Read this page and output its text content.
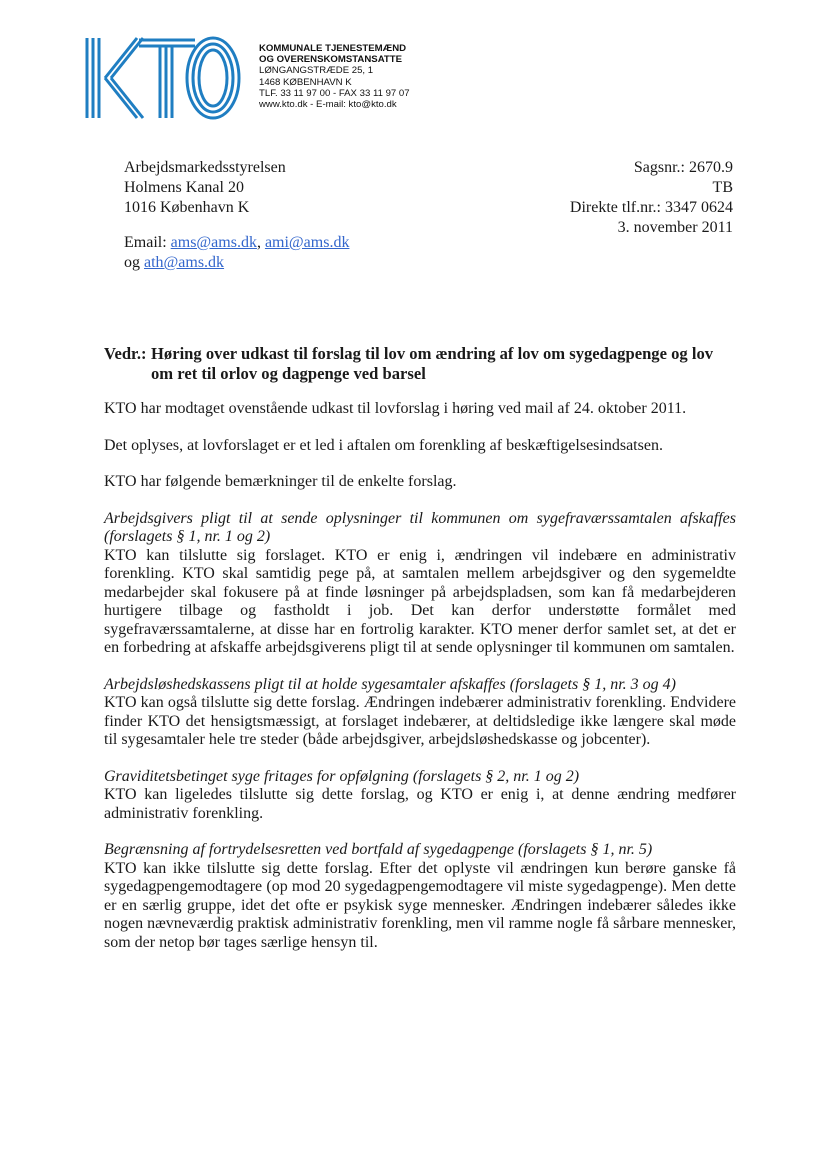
KOMMUNALE TJENESTEMÆND
OG OVERENSKOMSTANSATTE
LØNGANGSTRÆDE 25, 1
1468 KØBENHAVN K
TLF. 33 11 97 00 - FAX 33 11 97 07
www.kto.dk - E-mail: kto@kto.dk
Arbejdsmarkedsstyrelsen
Holmens Kanal 20
1016 København K
Sagsnr.: 2670.9
TB
Direkte tlf.nr.: 3347 0624
3. november 2011
Email: ams@ams.dk, ami@ams.dk
og ath@ams.dk
Vedr.: Høring over udkast til forslag til lov om ændring af lov om sygedagpenge og lov om ret til orlov og dagpenge ved barsel

KTO har modtaget ovenstående udkast til lovforslag i høring ved mail af 24. oktober 2011.

Det oplyses, at lovforslaget er et led i aftalen om forenkling af beskæftigelsesindsatsen.

KTO har følgende bemærkninger til de enkelte forslag.

Arbejdsgivers pligt til at sende oplysninger til kommunen om sygefraværssamtalen afskaffes (forslagets § 1, nr. 1 og 2)

KTO kan tilslutte sig forslaget. KTO er enig i, ændringen vil indebære en administrativ forenkling. KTO skal samtidig pege på, at samtalen mellem arbejdsgiver og den sygemeldte medarbejder skal fokusere på at finde løsninger på arbejdspladsen, som kan få medarbejderen hurtigere tilbage og fastholdt i job. Det kan derfor understøtte formålet med sygefraværssamtalerne, at disse har en fortrolig karakter. KTO mener derfor samlet set, at det er en forbedring at afskaffe arbejdsgiverens pligt til at sende oplysninger til kommunen om samtalen.

Arbejdsløshedskassens pligt til at holde sygesamtaler afskaffes (forslagets § 1, nr. 3 og 4)

KTO kan også tilslutte sig dette forslag. Ændringen indebærer administrativ forenkling. Endvidere finder KTO det hensigtsmæssigt, at forslaget indebærer, at deltidsledige ikke længere skal møde til sygesamtaler hele tre steder (både arbejdsgiver, arbejdsløshedskasse og jobcenter).

Graviditetsbetinget syge fritages for opfølgning (forslagets § 2, nr. 1 og 2)

KTO kan ligeledes tilslutte sig dette forslag, og KTO er enig i, at denne ændring medfører administrativ forenkling.

Begrænsning af fortrydelsesretten ved bortfald af sygedagpenge (forslagets § 1, nr. 5)

KTO kan ikke tilslutte sig dette forslag. Efter det oplyste vil ændringen kun berøre ganske få sygedagpengemodtagere (op mod 20 sygedagpengemodtagere vil miste sygedagpenge). Men dette er en særlig gruppe, idet det ofte er psykisk syge mennesker. Ændringen indebærer således ikke nogen nævneværdig praktisk administrativ forenkling, men vil ramme nogle få sårbare mennesker, som der netop bør tages særlige hensyn til.
